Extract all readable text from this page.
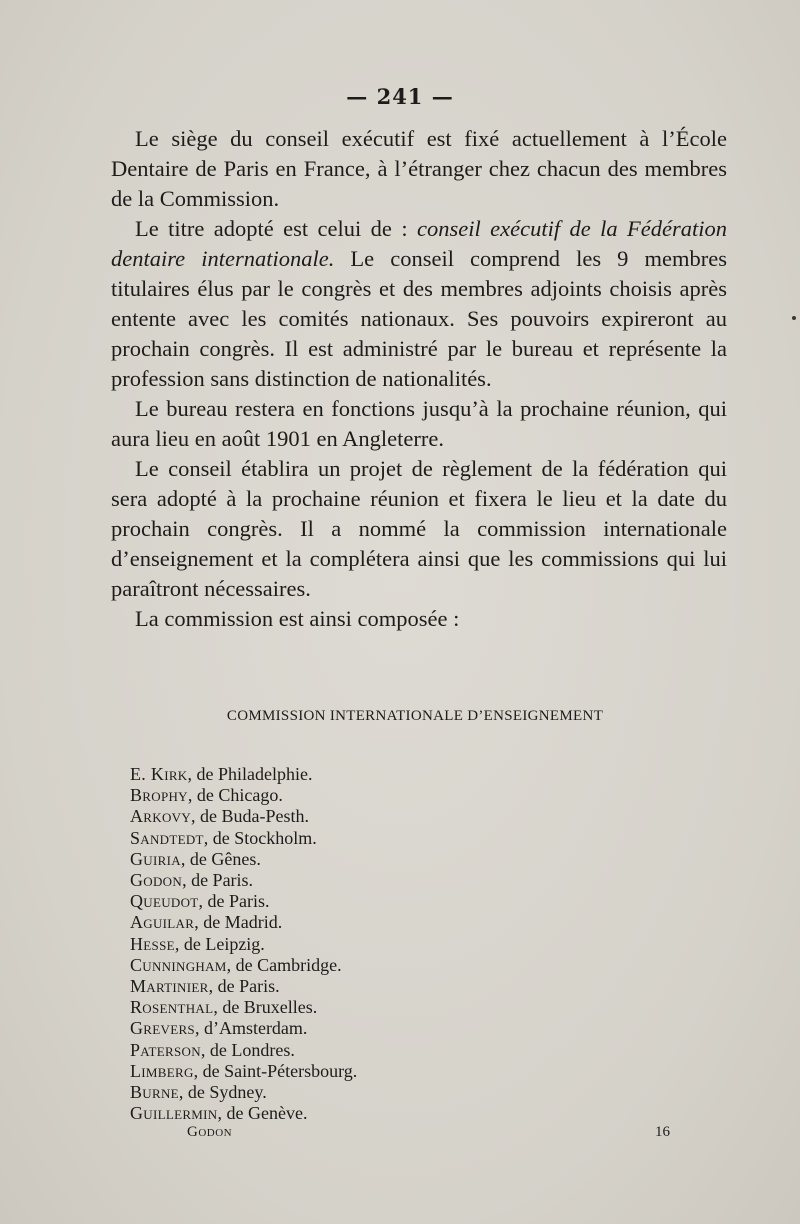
— 241 —

Le siège du conseil exécutif est fixé actuellement à l’École Dentaire de Paris en France, à l’étranger chez chacun des membres de la Commission.

Le titre adopté est celui de : conseil exécutif de la Fédération dentaire internationale. Le conseil comprend les 9 membres titulaires élus par le congrès et des membres adjoints choisis après entente avec les comités nationaux. Ses pouvoirs expireront au prochain congrès. Il est administré par le bureau et représente la profession sans distinction de nationalités.

Le bureau restera en fonctions jusqu’à la prochaine réunion, qui aura lieu en août 1901 en Angleterre.

Le conseil établira un projet de règlement de la fédération qui sera adopté à la prochaine réunion et fixera le lieu et la date du prochain congrès. Il a nommé la commission internationale d’enseignement et la complétera ainsi que les commissions qui lui paraîtront nécessaires.

La commission est ainsi composée :

COMMISSION INTERNATIONALE D’ENSEIGNEMENT
E. Kirk, de Philadelphie.
Brophy, de Chicago.
Arkovy, de Buda-Pesth.
Sandtedt, de Stockholm.
Guiria, de Gênes.
Godon, de Paris.
Queudot, de Paris.
Aguilar, de Madrid.
Hesse, de Leipzig.
Cunningham, de Cambridge.
Martinier, de Paris.
Rosenthal, de Bruxelles.
Grevers, d’Amsterdam.
Paterson, de Londres.
Limberg, de Saint-Pétersbourg.
Burne, de Sydney.
Guillermin, de Genève.
Godon	16
